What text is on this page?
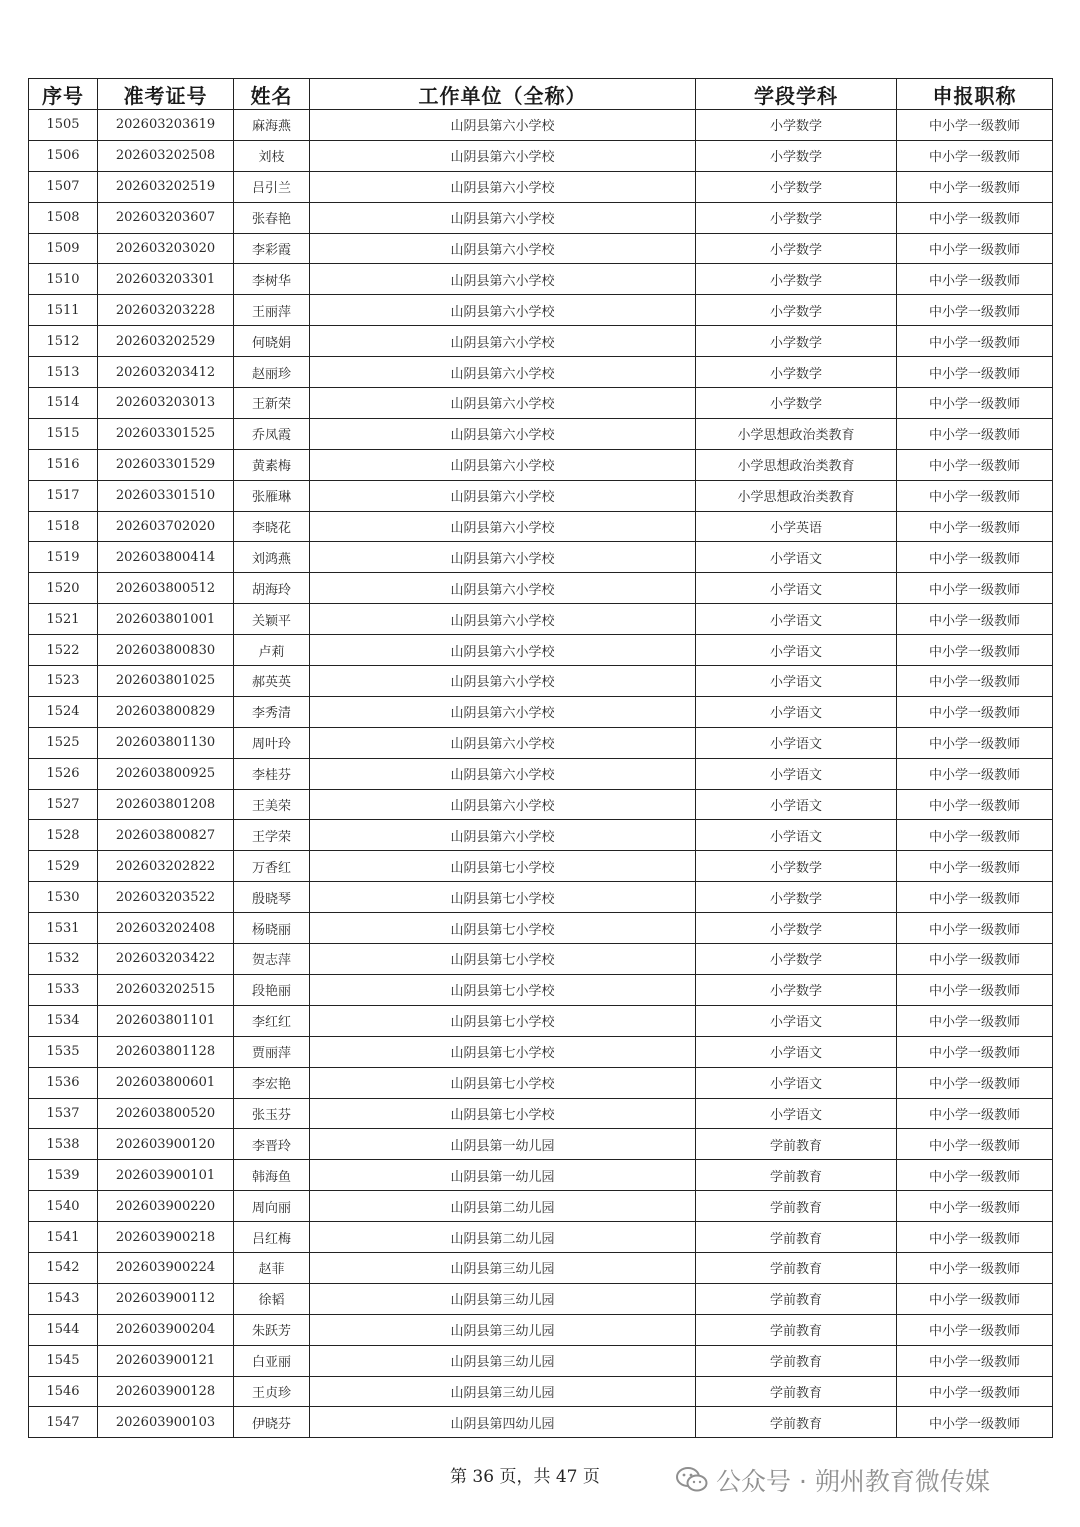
序号	准考证号	姓名	工作单位（全称）	学段学科	申报职称
1505	202603203619	麻海燕	山阴县第六小学校	小学数学	中小学一级教师
1506	202603202508	刘枝	山阴县第六小学校	小学数学	中小学一级教师
1507	202603202519	吕引兰	山阴县第六小学校	小学数学	中小学一级教师
1508	202603203607	张春艳	山阴县第六小学校	小学数学	中小学一级教师
1509	202603203020	李彩霞	山阴县第六小学校	小学数学	中小学一级教师
1510	202603203301	李树华	山阴县第六小学校	小学数学	中小学一级教师
1511	202603203228	王丽萍	山阴县第六小学校	小学数学	中小学一级教师
1512	202603202529	何晓娟	山阴县第六小学校	小学数学	中小学一级教师
1513	202603203412	赵丽珍	山阴县第六小学校	小学数学	中小学一级教师
1514	202603203013	王新荣	山阴县第六小学校	小学数学	中小学一级教师
1515	202603301525	乔凤霞	山阴县第六小学校	小学思想政治类教育	中小学一级教师
1516	202603301529	黄素梅	山阴县第六小学校	小学思想政治类教育	中小学一级教师
1517	202603301510	张雁琳	山阴县第六小学校	小学思想政治类教育	中小学一级教师
1518	202603702020	李晓花	山阴县第六小学校	小学英语	中小学一级教师
1519	202603800414	刘鸿燕	山阴县第六小学校	小学语文	中小学一级教师
1520	202603800512	胡海玲	山阴县第六小学校	小学语文	中小学一级教师
1521	202603801001	关颖平	山阴县第六小学校	小学语文	中小学一级教师
1522	202603800830	卢莉	山阴县第六小学校	小学语文	中小学一级教师
1523	202603801025	郝英英	山阴县第六小学校	小学语文	中小学一级教师
1524	202603800829	李秀清	山阴县第六小学校	小学语文	中小学一级教师
1525	202603801130	周叶玲	山阴县第六小学校	小学语文	中小学一级教师
1526	202603800925	李桂芬	山阴县第六小学校	小学语文	中小学一级教师
1527	202603801208	王美荣	山阴县第六小学校	小学语文	中小学一级教师
1528	202603800827	王学荣	山阴县第六小学校	小学语文	中小学一级教师
1529	202603202822	万香红	山阴县第七小学校	小学数学	中小学一级教师
1530	202603203522	殷晓琴	山阴县第七小学校	小学数学	中小学一级教师
1531	202603202408	杨晓丽	山阴县第七小学校	小学数学	中小学一级教师
1532	202603203422	贺志萍	山阴县第七小学校	小学数学	中小学一级教师
1533	202603202515	段艳丽	山阴县第七小学校	小学数学	中小学一级教师
1534	202603801101	李红红	山阴县第七小学校	小学语文	中小学一级教师
1535	202603801128	贾丽萍	山阴县第七小学校	小学语文	中小学一级教师
1536	202603800601	李宏艳	山阴县第七小学校	小学语文	中小学一级教师
1537	202603800520	张玉芬	山阴县第七小学校	小学语文	中小学一级教师
1538	202603900120	李晋玲	山阴县第一幼儿园	学前教育	中小学一级教师
1539	202603900101	韩海鱼	山阴县第一幼儿园	学前教育	中小学一级教师
1540	202603900220	周向丽	山阴县第二幼儿园	学前教育	中小学一级教师
1541	202603900218	吕红梅	山阴县第二幼儿园	学前教育	中小学一级教师
1542	202603900224	赵菲	山阴县第三幼儿园	学前教育	中小学一级教师
1543	202603900112	徐韬	山阴县第三幼儿园	学前教育	中小学一级教师
1544	202603900204	朱跃芳	山阴县第三幼儿园	学前教育	中小学一级教师
1545	202603900121	白亚丽	山阴县第三幼儿园	学前教育	中小学一级教师
1546	202603900128	王贞珍	山阴县第三幼儿园	学前教育	中小学一级教师
1547	202603900103	伊晓芬	山阴县第四幼儿园	学前教育	中小学一级教师
第 36 页，共 47 页	公众号 · 朔州教育微传媒
